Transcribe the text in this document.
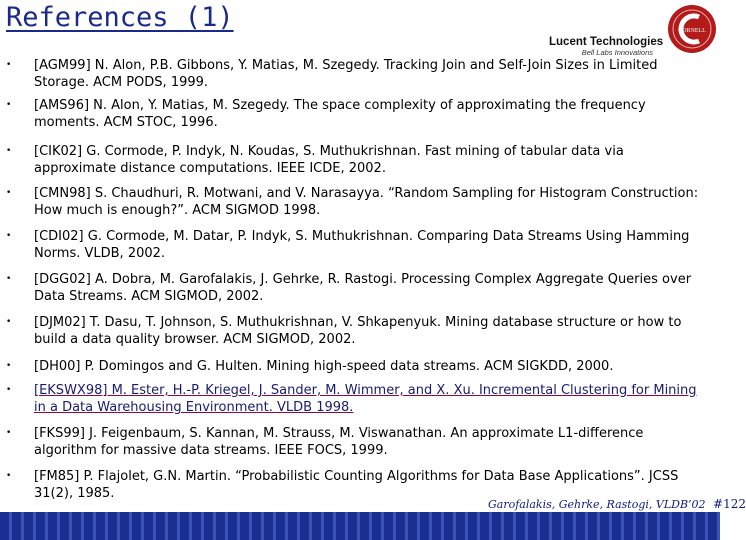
References (1)
Lucent Technologies
Bell Labs Innovations
CORNELL
• [AGM99] N. Alon, P.B. Gibbons, Y. Matias, M. Szegedy. Tracking Join and Self-Join Sizes in Limited Storage. ACM PODS, 1999.
• [AMS96] N. Alon, Y. Matias, M. Szegedy. The space complexity of approximating the frequency moments. ACM STOC, 1996.
• [CIK02] G. Cormode, P. Indyk, N. Koudas, S. Muthukrishnan. Fast mining of tabular data via approximate distance computations. IEEE ICDE, 2002.
• [CMN98] S. Chaudhuri, R. Motwani, and V. Narasayya. “Random Sampling for Histogram Construction: How much is enough?”. ACM SIGMOD 1998.
• [CDI02] G. Cormode, M. Datar, P. Indyk, S. Muthukrishnan. Comparing Data Streams Using Hamming Norms. VLDB, 2002.
• [DGG02] A. Dobra, M. Garofalakis, J. Gehrke, R. Rastogi. Processing Complex Aggregate Queries over Data Streams. ACM SIGMOD, 2002.
• [DJM02] T. Dasu, T. Johnson, S. Muthukrishnan, V. Shkapenyuk. Mining database structure or how to build a data quality browser. ACM SIGMOD, 2002.
• [DH00] P. Domingos and G. Hulten. Mining high-speed data streams. ACM SIGKDD, 2000.
• [EKSWX98] M. Ester, H.-P. Kriegel, J. Sander, M. Wimmer, and X. Xu. Incremental Clustering for Mining in a Data Warehousing Environment. VLDB 1998.
• [FKS99] J. Feigenbaum, S. Kannan, M. Strauss, M. Viswanathan. An approximate L1-difference algorithm for massive data streams. IEEE FOCS, 1999.
• [FM85] P. Flajolet, G.N. Martin. “Probabilistic Counting Algorithms for Data Base Applications”. JCSS 31(2), 1985.
Garofalakis, Gehrke, Rastogi, VLDB’02 #122
